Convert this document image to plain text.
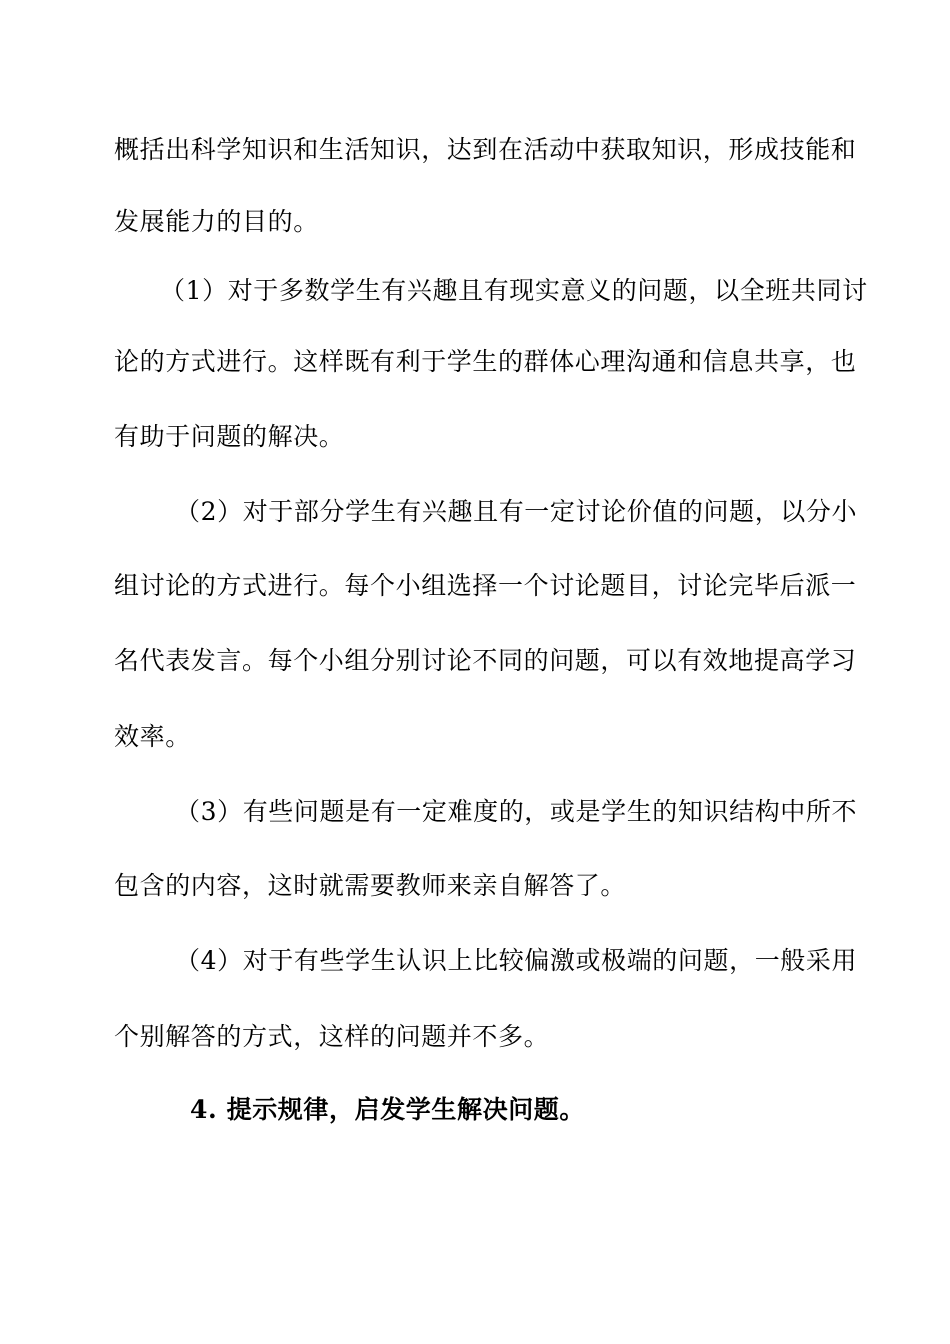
概括出科学知识和生活知识，达到在活动中获取知识，形成技能和
发展能力的目的。
（1）对于多数学生有兴趣且有现实意义的问题，以全班共同讨
论的方式进行。这样既有利于学生的群体心理沟通和信息共享，也
有助于问题的解决。
（2）对于部分学生有兴趣且有一定讨论价值的问题，以分小
组讨论的方式进行。每个小组选择一个讨论题目，讨论完毕后派一
名代表发言。每个小组分别讨论不同的问题，可以有效地提高学习
效率。
（3）有些问题是有一定难度的，或是学生的知识结构中所不
包含的内容，这时就需要教师来亲自解答了。
（4）对于有些学生认识上比较偏激或极端的问题，一般采用
个别解答的方式，这样的问题并不多。
4. 提示规律，启发学生解决问题。
